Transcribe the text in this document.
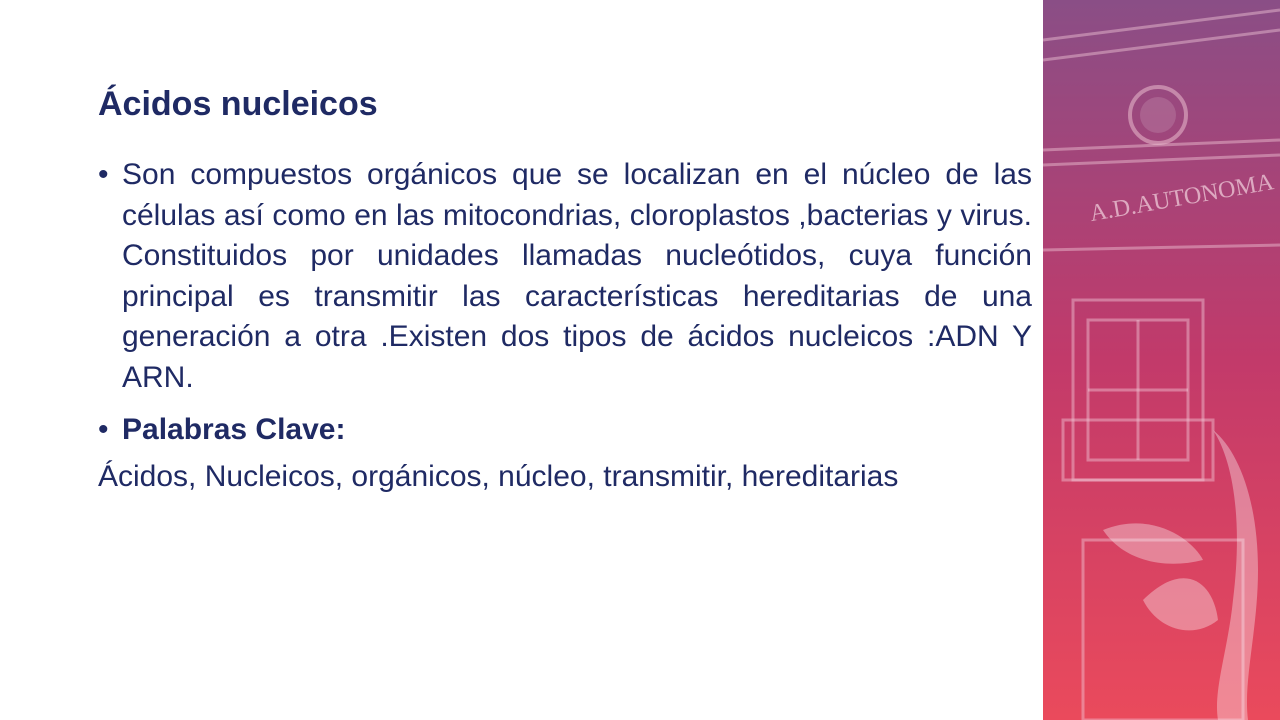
Ácidos nucleicos
• Son compuestos orgánicos que se localizan en el núcleo de las células así como en las mitocondrias, cloroplastos ,bacterias y virus. Constituidos por unidades llamadas nucleótidos, cuya función principal es transmitir las características hereditarias de una generación a otra .Existen dos tipos de ácidos nucleicos :ADN Y ARN.
• Palabras Clave:
Ácidos, Nucleicos, orgánicos, núcleo, transmitir, hereditarias
A.D.AUTONOMA
